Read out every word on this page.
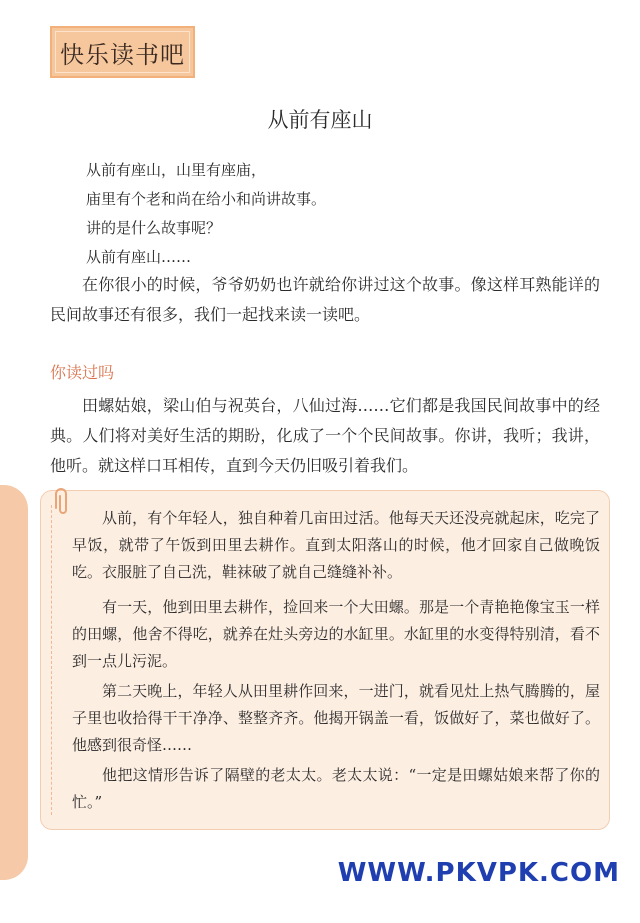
快乐读书吧
从前有座山
从前有座山，山里有座庙，
庙里有个老和尚在给小和尚讲故事。
讲的是什么故事呢？
从前有座山……
在你很小的时候，爷爷奶奶也许就给你讲过这个故事。像这样耳熟能详的民间故事还有很多，我们一起找来读一读吧。
你读过吗
田螺姑娘，梁山伯与祝英台，八仙过海……它们都是我国民间故事中的经典。人们将对美好生活的期盼，化成了一个个民间故事。你讲，我听；我讲，他听。就这样口耳相传，直到今天仍旧吸引着我们。
从前，有个年轻人，独自种着几亩田过活。他每天天还没亮就起床，吃完了早饭，就带了午饭到田里去耕作。直到太阳落山的时候，他才回家自己做晚饭吃。衣服脏了自己洗，鞋袜破了就自己缝缝补补。
有一天，他到田里去耕作，捡回来一个大田螺。那是一个青艳艳像宝玉一样的田螺，他舍不得吃，就养在灶头旁边的水缸里。水缸里的水变得特别清，看不到一点儿污泥。
第二天晚上，年轻人从田里耕作回来，一进门，就看见灶上热气腾腾的，屋子里也收拾得干干净净、整整齐齐。他揭开锅盖一看，饭做好了，菜也做好了。他感到很奇怪……
他把这情形告诉了隔壁的老太太。老太太说：“一定是田螺姑娘来帮了你的忙。”
WWW.PKVPK.COM
